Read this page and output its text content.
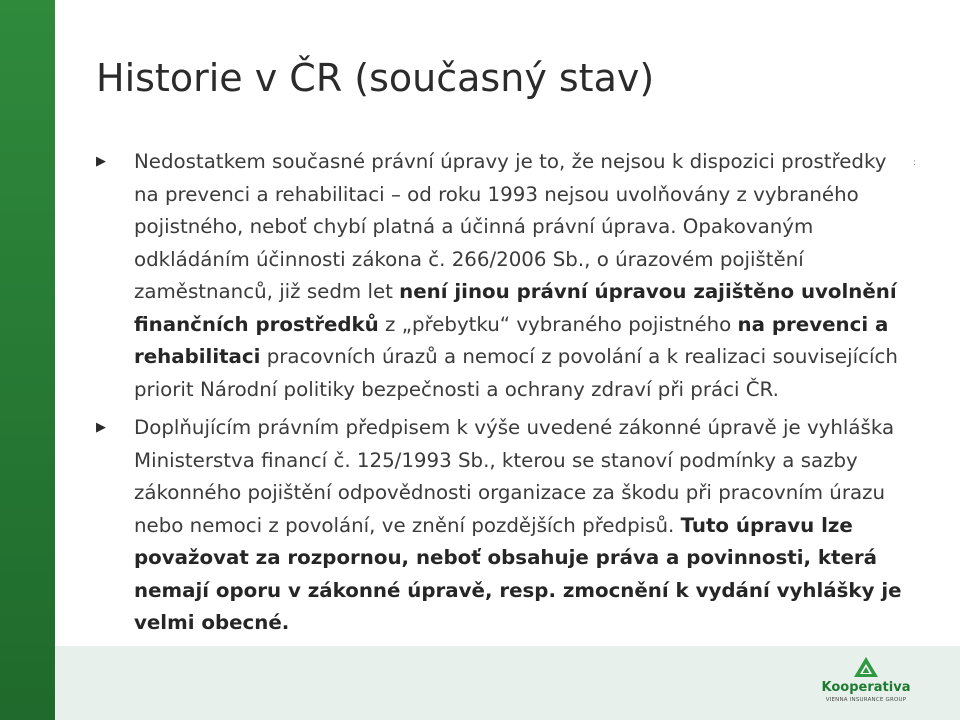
Historie v ČR (současný stav)
:
▶	Nedostatkem současné právní úpravy je to, že nejsou k dispozici prostředky na prevenci a rehabilitaci – od roku 1993 nejsou uvolňovány z vybraného pojistného, neboť chybí platná a účinná právní úprava. Opakovaným odkládáním účinnosti zákona č. 266/2006 Sb., o úrazovém pojištění zaměstnanců, již sedm let není jinou právní úpravou zajištěno uvolnění finančních prostředků z „přebytku“ vybraného pojistného na prevenci a rehabilitaci pracovních úrazů a nemocí z povolání a k realizaci souvisejících priorit Národní politiky bezpečnosti a ochrany zdraví při práci ČR.
▶	Doplňujícím právním předpisem k výše uvedené zákonné úpravě je vyhláška Ministerstva financí č. 125/1993 Sb., kterou se stanoví podmínky a sazby zákonného pojištění odpovědnosti organizace za škodu při pracovním úrazu nebo nemoci z povolání, ve znění pozdějších předpisů. Tuto úpravu lze považovat za rozpornou, neboť obsahuje práva a povinnosti, která nemají oporu v zákonné úpravě, resp. zmocnění k vydání vyhlášky je velmi obecné.
Kooperativa
VIENNA INSURANCE GROUP
